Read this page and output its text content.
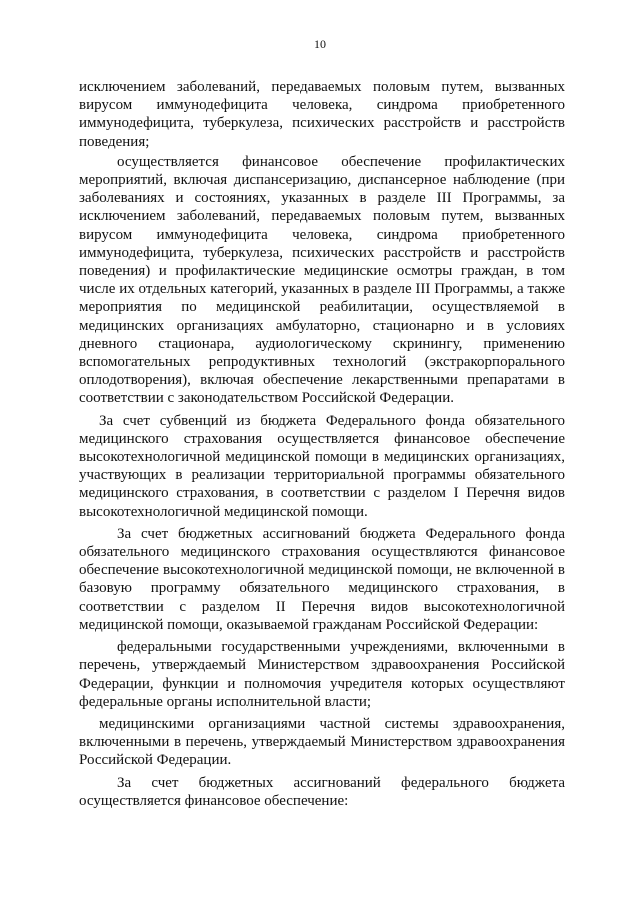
10

исключением заболеваний, передаваемых половым путем, вызванных вирусом иммунодефицита человека, синдрома приобретенного иммунодефицита, туберкулеза, психических расстройств и расстройств поведения;

осуществляется финансовое обеспечение профилактических мероприятий, включая диспансеризацию, диспансерное наблюдение (при заболеваниях и состояниях, указанных в разделе III Программы, за исключением заболеваний, передаваемых половым путем, вызванных вирусом иммунодефицита человека, синдрома приобретенного иммунодефицита, туберкулеза, психических расстройств и расстройств поведения) и профилактические медицинские осмотры граждан, в том числе их отдельных категорий, указанных в разделе III Программы, а также мероприятия по медицинской реабилитации, осуществляемой в медицинских организациях амбулаторно, стационарно и в условиях дневного стационара, аудиологическому скринингу, применению вспомогательных репродуктивных технологий (экстракорпорального оплодотворения), включая обеспечение лекарственными препаратами в соответствии с законодательством Российской Федерации.

За счет субвенций из бюджета Федерального фонда обязательного медицинского страхования осуществляется финансовое обеспечение высокотехнологичной медицинской помощи в медицинских организациях, участвующих в реализации территориальной программы обязательного медицинского страхования, в соответствии с разделом I Перечня видов высокотехнологичной медицинской помощи.

За счет бюджетных ассигнований бюджета Федерального фонда обязательного медицинского страхования осуществляются финансовое обеспечение высокотехнологичной медицинской помощи, не включенной в базовую программу обязательного медицинского страхования, в соответствии с разделом II Перечня видов высокотехнологичной медицинской помощи, оказываемой гражданам Российской Федерации:

федеральными государственными учреждениями, включенными в перечень, утверждаемый Министерством здравоохранения Российской Федерации, функции и полномочия учредителя которых осуществляют федеральные органы исполнительной власти;

медицинскими организациями частной системы здравоохранения, включенными в перечень, утверждаемый Министерством здравоохранения Российской Федерации.

За счет бюджетных ассигнований федерального бюджета осуществляется финансовое обеспечение:
